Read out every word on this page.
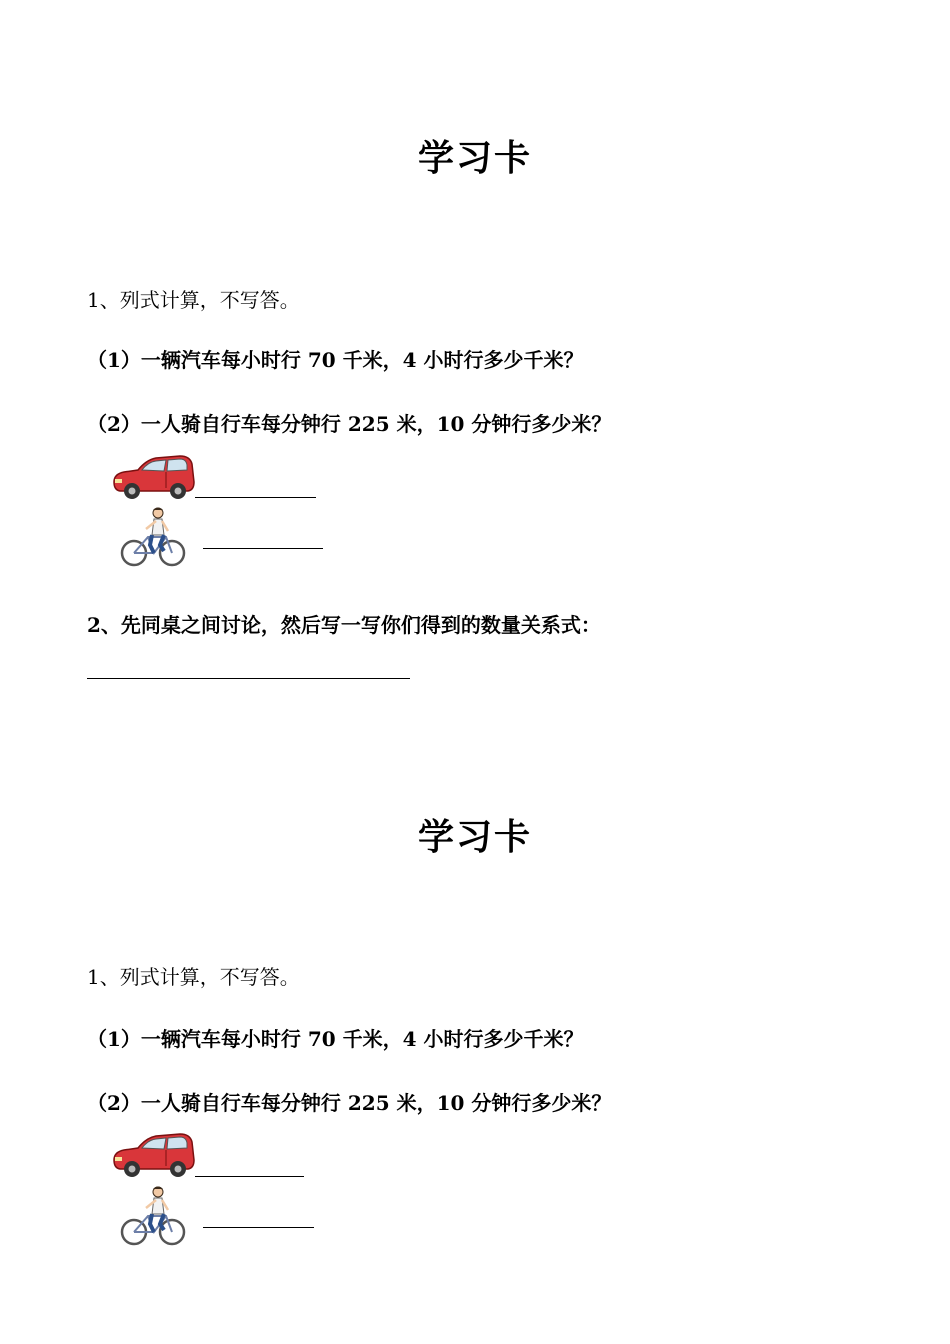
学习卡
1、列式计算，不写答。
（1）一辆汽车每小时行 70 千米，4 小时行多少千米？
（2）一人骑自行车每分钟行 225 米，10 分钟行多少米？
2、先同桌之间讨论，然后写一写你们得到的数量关系式：
学习卡
1、列式计算，不写答。
（1）一辆汽车每小时行 70 千米，4 小时行多少千米？
（2）一人骑自行车每分钟行 225 米，10 分钟行多少米？
